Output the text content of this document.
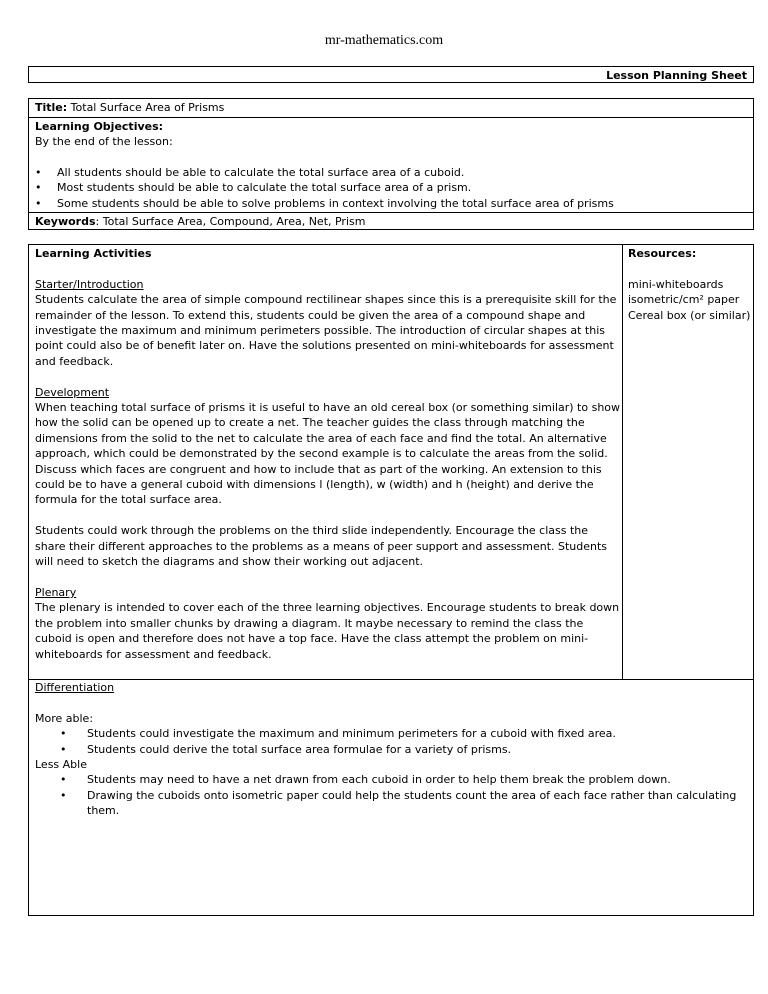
mr-mathematics.com
Lesson Planning Sheet
Title: Total Surface Area of Prisms
Learning Objectives:
By the end of the lesson:
• All students should be able to calculate the total surface area of a cuboid.
• Most students should be able to calculate the total surface area of a prism.
• Some students should be able to solve problems in context involving the total surface area of prisms
Keywords: Total Surface Area, Compound, Area, Net, Prism
Learning Activities
Starter/Introduction

Students calculate the area of simple compound rectilinear shapes since this is a prerequisite skill for the remainder of the lesson. To extend this, students could be given the area of a compound shape and investigate the maximum and minimum perimeters possible. The introduction of circular shapes at this point could also be of benefit later on. Have the solutions presented on mini-whiteboards for assessment and feedback.

Development

When teaching total surface of prisms it is useful to have an old cereal box (or something similar) to show how the solid can be opened up to create a net. The teacher guides the class through matching the dimensions from the solid to the net to calculate the area of each face and find the total. An alternative approach, which could be demonstrated by the second example is to calculate the areas from the solid. Discuss which faces are congruent and how to include that as part of the working. An extension to this could be to have a general cuboid with dimensions l (length), w (width) and h (height) and derive the formula for the total surface area.

Students could work through the problems on the third slide independently. Encourage the class the share their different approaches to the problems as a means of peer support and assessment. Students will need to sketch the diagrams and show their working out adjacent.

Plenary

The plenary is intended to cover each of the three learning objectives. Encourage students to break down the problem into smaller chunks by drawing a diagram. It maybe necessary to remind the class the cuboid is open and therefore does not have a top face. Have the class attempt the problem on mini-whiteboards for assessment and feedback.

Resources:
mini-whiteboards
isometric/cm² paper
Cereal box (or similar)
Differentiation
More able:
• Students could investigate the maximum and minimum perimeters for a cuboid with fixed area.
• Students could derive the total surface area formulae for a variety of prisms.
Less Able
• Students may need to have a net drawn from each cuboid in order to help them break the problem down.
• Drawing the cuboids onto isometric paper could help the students count the area of each face rather than calculating them.
